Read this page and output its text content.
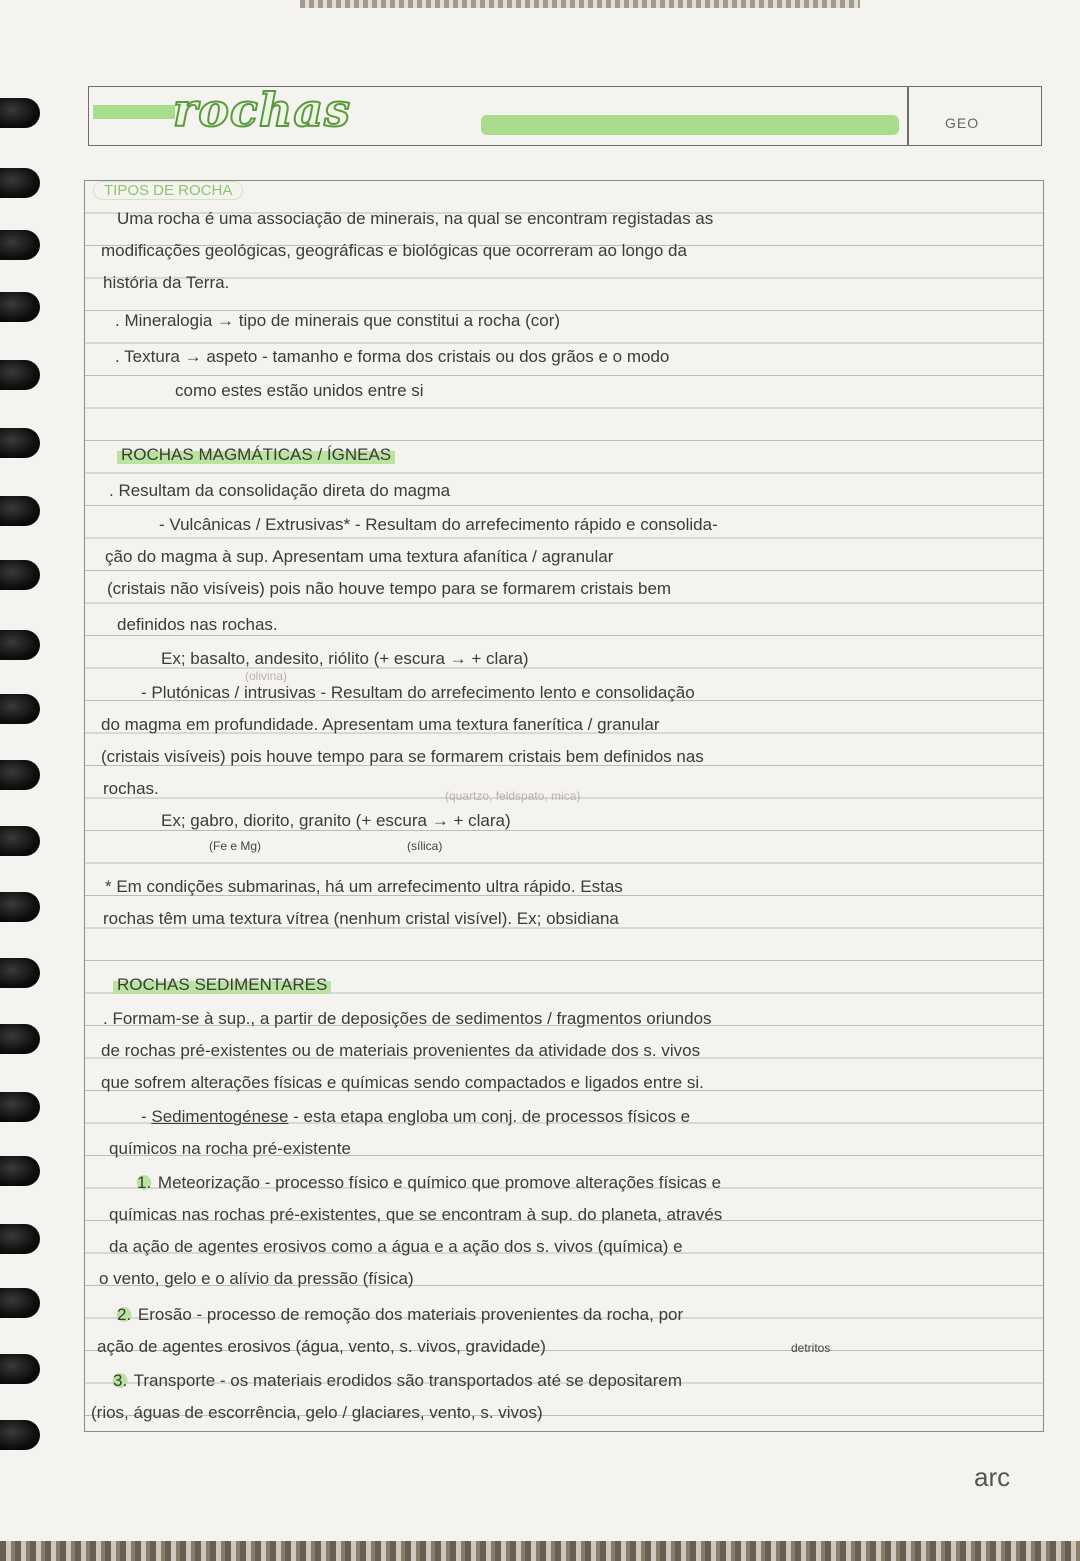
rochas	GEO
TIPOS DE ROCHA
Uma rocha é uma associação de minerais, na qual se encontram registadas as
modificações geológicas, geográficas e biológicas que ocorreram ao longo da
história da Terra.
. Mineralogia → tipo de minerais que constitui a rocha (cor)
. Textura → aspeto - tamanho e forma dos cristais ou dos grãos e o modo
como estes estão unidos entre si
ROCHAS MAGMÁTICAS / ÍGNEAS
. Resultam da consolidação direta do magma
- Vulcânicas / Extrusivas* - Resultam do arrefecimento rápido e consolida-
ção do magma à sup. Apresentam uma textura afanítica / agranular
(cristais não visíveis) pois não houve tempo para se formarem cristais bem
definidos nas rochas.
Ex; basalto, andesito, riólito (+ escura → + clara)
(olivina)
- Plutónicas / intrusivas - Resultam do arrefecimento lento e consolidação
do magma em profundidade. Apresentam uma textura fanerítica / granular
(cristais visíveis) pois houve tempo para se formarem cristais bem definidos nas
rochas.	(quartzo, feldspato, mica)
Ex; gabro, diorito, granito (+ escura → + clara)
(Fe e Mg)	(sílica)
* Em condições submarinas, há um arrefecimento ultra rápido. Estas
rochas têm uma textura vítrea (nenhum cristal visível). Ex; obsidiana
ROCHAS SEDIMENTARES
. Formam-se à sup., a partir de deposições de sedimentos / fragmentos oriundos
de rochas pré-existentes ou de materiais provenientes da atividade dos s. vivos
que sofrem alterações físicas e químicas sendo compactados e ligados entre si.
- Sedimentogénese - esta etapa engloba um conj. de processos físicos e
químicos na rocha pré-existente
1. Meteorização - processo físico e químico que promove alterações físicas e
químicas nas rochas pré-existentes, que se encontram à sup. do planeta, através
da ação de agentes erosivos como a água e a ação dos s. vivos (química) e
o vento, gelo e o alívio da pressão (física)
2. Erosão - processo de remoção dos materiais provenientes da rocha, por
ação de agentes erosivos (água, vento, s. vivos, gravidade)	detritos
3. Transporte - os materiais erodidos são transportados até se depositarem
(rios, águas de escorrência, gelo / glaciares, vento, s. vivos)
arc
